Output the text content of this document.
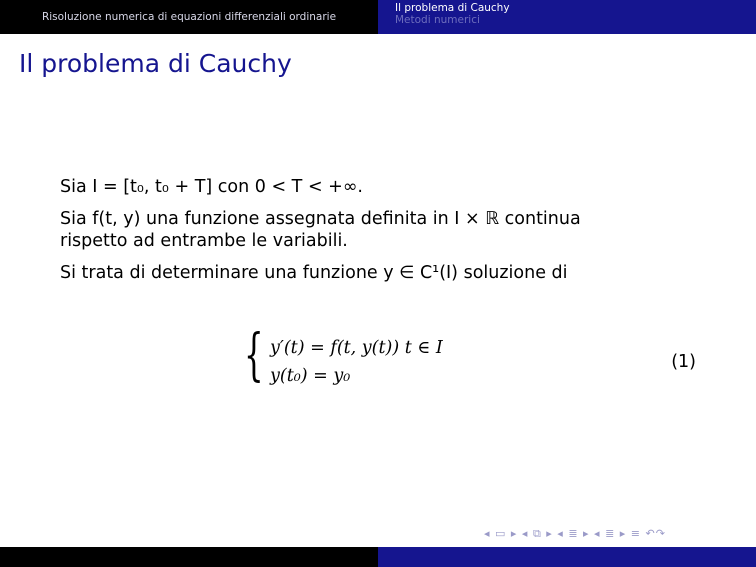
Risoluzione numerica di equazioni differenziali ordinarie
Il problema di Cauchy
Metodi numerici
Il problema di Cauchy

Sia I = [t₀, t₀ + T] con 0 < T < +∞.

Sia f(t, y) una funzione assegnata definita in I × ℝ continua
rispetto ad entrambe le variabili.

Si trata di determinare una funzione y ∈ C¹(I) soluzione di

{ y′(t) = f(t, y(t)) t ∈ I
y(t₀) = y₀
(1)
◂ ▭ ▸ ◂ ⧉ ▸ ◂ ≣ ▸ ◂ ≣ ▸ ≡ ↶↷
